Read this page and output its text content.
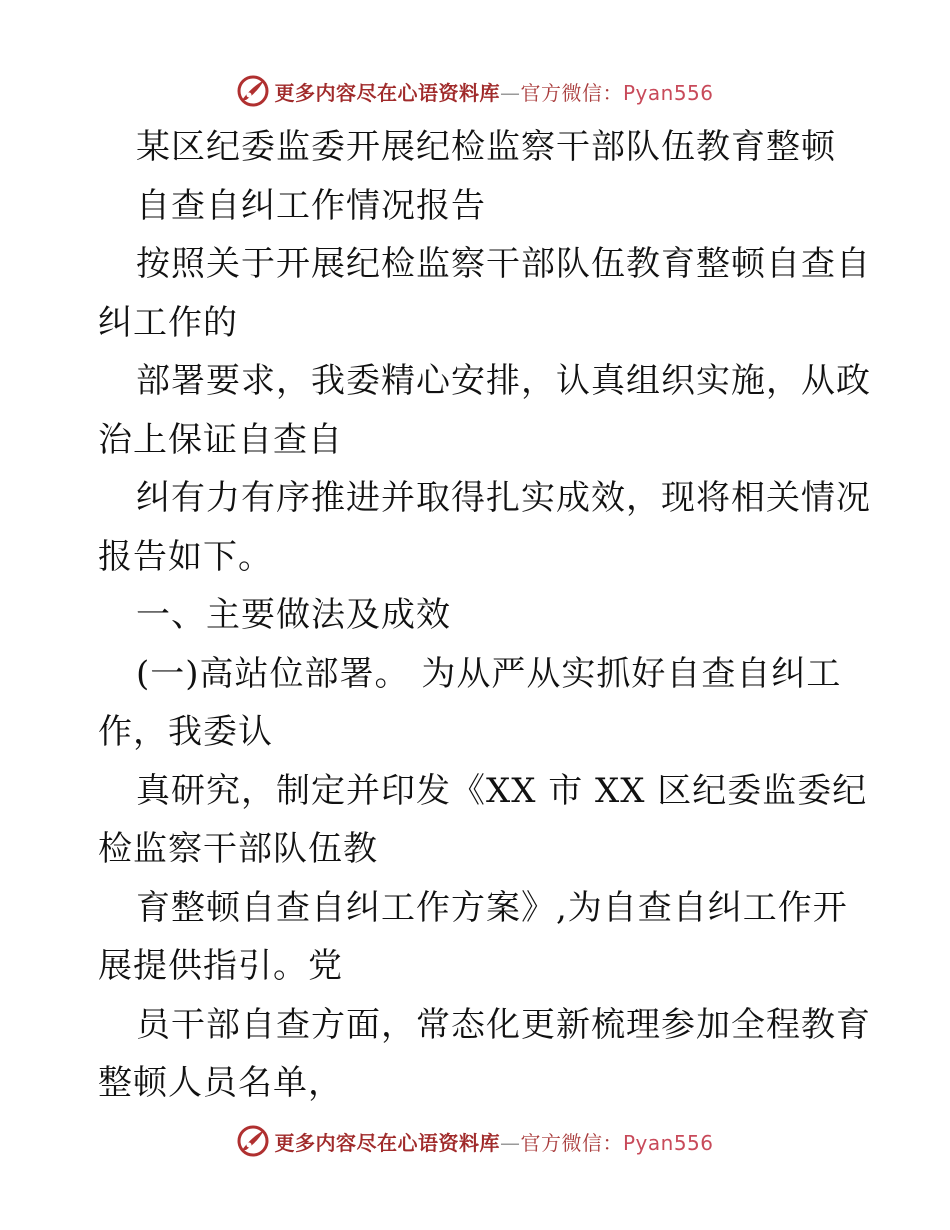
更多内容尽在心语资料库—官方微信：Pyan556
某区纪委监委开展纪检监察干部队伍教育整顿
自查自纠工作情况报告
按照关于开展纪检监察干部队伍教育整顿自查自
纠工作的
部署要求，我委精心安排，认真组织实施，从政
治上保证自查自
纠有力有序推进并取得扎实成效，现将相关情况
报告如下。
一、主要做法及成效
(一)高站位部署。 为从严从实抓好自查自纠工
作，我委认
真研究，制定并印发《XX 市 XX 区纪委监委纪
检监察干部队伍教
育整顿自查自纠工作方案》,为自查自纠工作开
展提供指引。党
员干部自查方面，常态化更新梳理参加全程教育
整顿人员名单，
更多内容尽在心语资料库—官方微信：Pyan556
